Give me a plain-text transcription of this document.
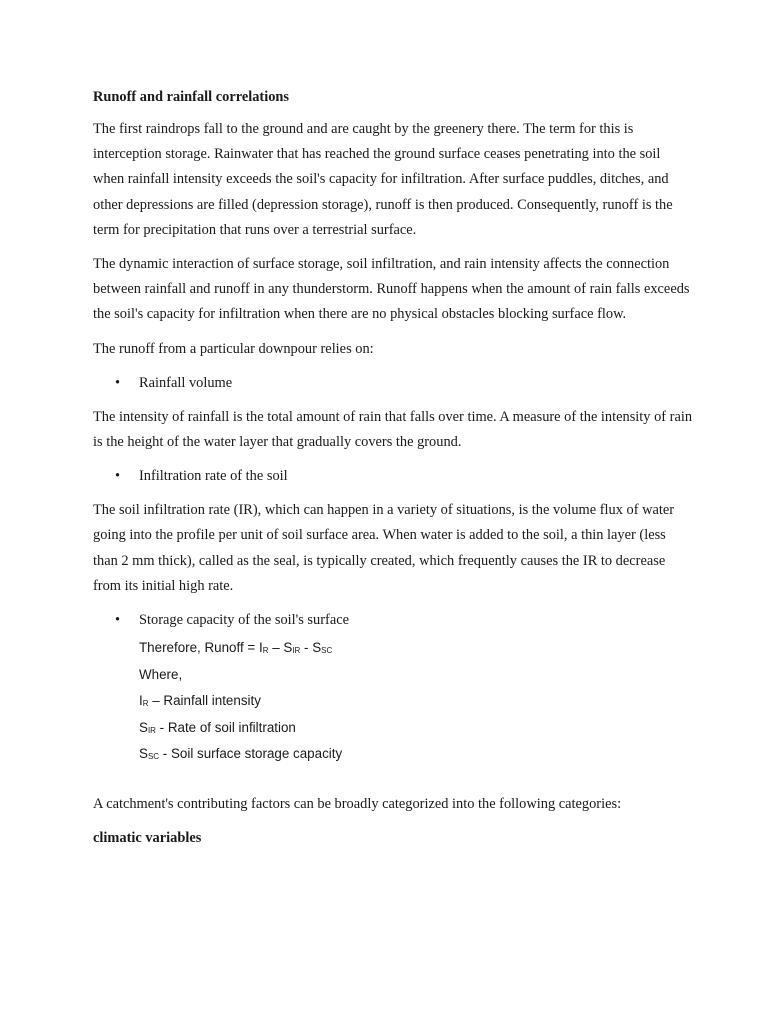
Runoff and rainfall correlations

The first raindrops fall to the ground and are caught by the greenery there. The term for this is interception storage. Rainwater that has reached the ground surface ceases penetrating into the soil when rainfall intensity exceeds the soil's capacity for infiltration. After surface puddles, ditches, and other depressions are filled (depression storage), runoff is then produced. Consequently, runoff is the term for precipitation that runs over a terrestrial surface.

The dynamic interaction of surface storage, soil infiltration, and rain intensity affects the connection between rainfall and runoff in any thunderstorm. Runoff happens when the amount of rain falls exceeds the soil's capacity for infiltration when there are no physical obstacles blocking surface flow.

The runoff from a particular downpour relies on:

• Rainfall volume

The intensity of rainfall is the total amount of rain that falls over time. A measure of the intensity of rain is the height of the water layer that gradually covers the ground.

• Infiltration rate of the soil

The soil infiltration rate (IR), which can happen in a variety of situations, is the volume flux of water going into the profile per unit of soil surface area. When water is added to the soil, a thin layer (less than 2 mm thick), called as the seal, is typically created, which frequently causes the IR to decrease from its initial high rate.

• Storage capacity of the soil's surface
Therefore, Runoff = $I_R - S_{IR} - S_{SC}$
Where,
$I_R$ – Rainfall intensity
$S_{IR}$ - Rate of soil infiltration
$S_{SC}$ - Soil surface storage capacity

A catchment's contributing factors can be broadly categorized into the following categories:

climatic variables
